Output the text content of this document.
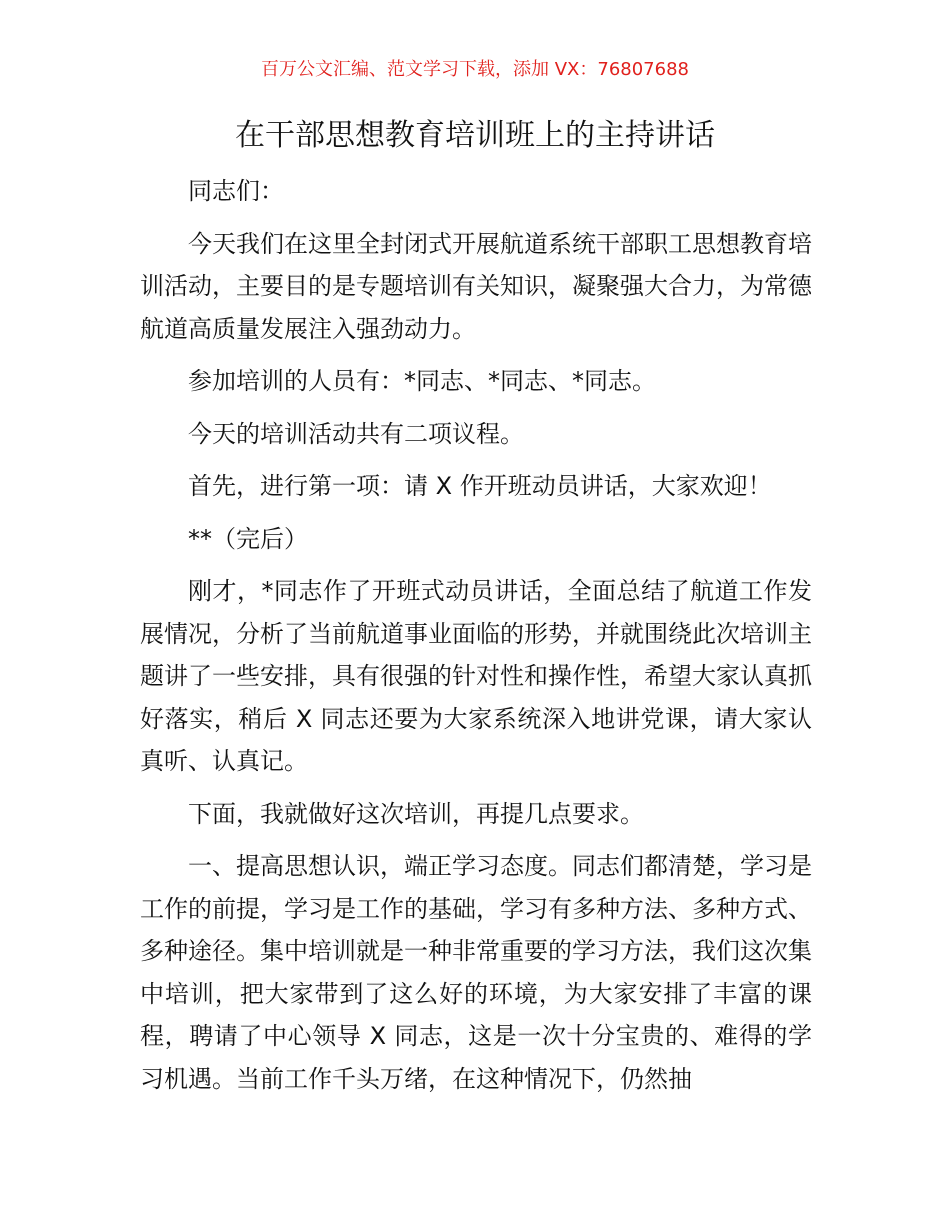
百万公文汇编、范文学习下载，添加 VX：76807688
在干部思想教育培训班上的主持讲话

同志们：

今天我们在这里全封闭式开展航道系统干部职工思想教育培训活动，主要目的是专题培训有关知识，凝聚强大合力，为常德航道高质量发展注入强劲动力。

参加培训的人员有：*同志、*同志、*同志。

今天的培训活动共有二项议程。

首先，进行第一项：请 X 作开班动员讲话，大家欢迎！

**（完后）

刚才，*同志作了开班式动员讲话，全面总结了航道工作发展情况，分析了当前航道事业面临的形势，并就围绕此次培训主题讲了一些安排，具有很强的针对性和操作性，希望大家认真抓好落实，稍后 X 同志还要为大家系统深入地讲党课，请大家认真听、认真记。

下面，我就做好这次培训，再提几点要求。

一、提高思想认识，端正学习态度。同志们都清楚，学习是工作的前提，学习是工作的基础，学习有多种方法、多种方式、多种途径。集中培训就是一种非常重要的学习方法，我们这次集中培训，把大家带到了这么好的环境，为大家安排了丰富的课程，聘请了中心领导 X 同志，这是一次十分宝贵的、难得的学习机遇。当前工作千头万绪，在这种情况下，仍然抽
